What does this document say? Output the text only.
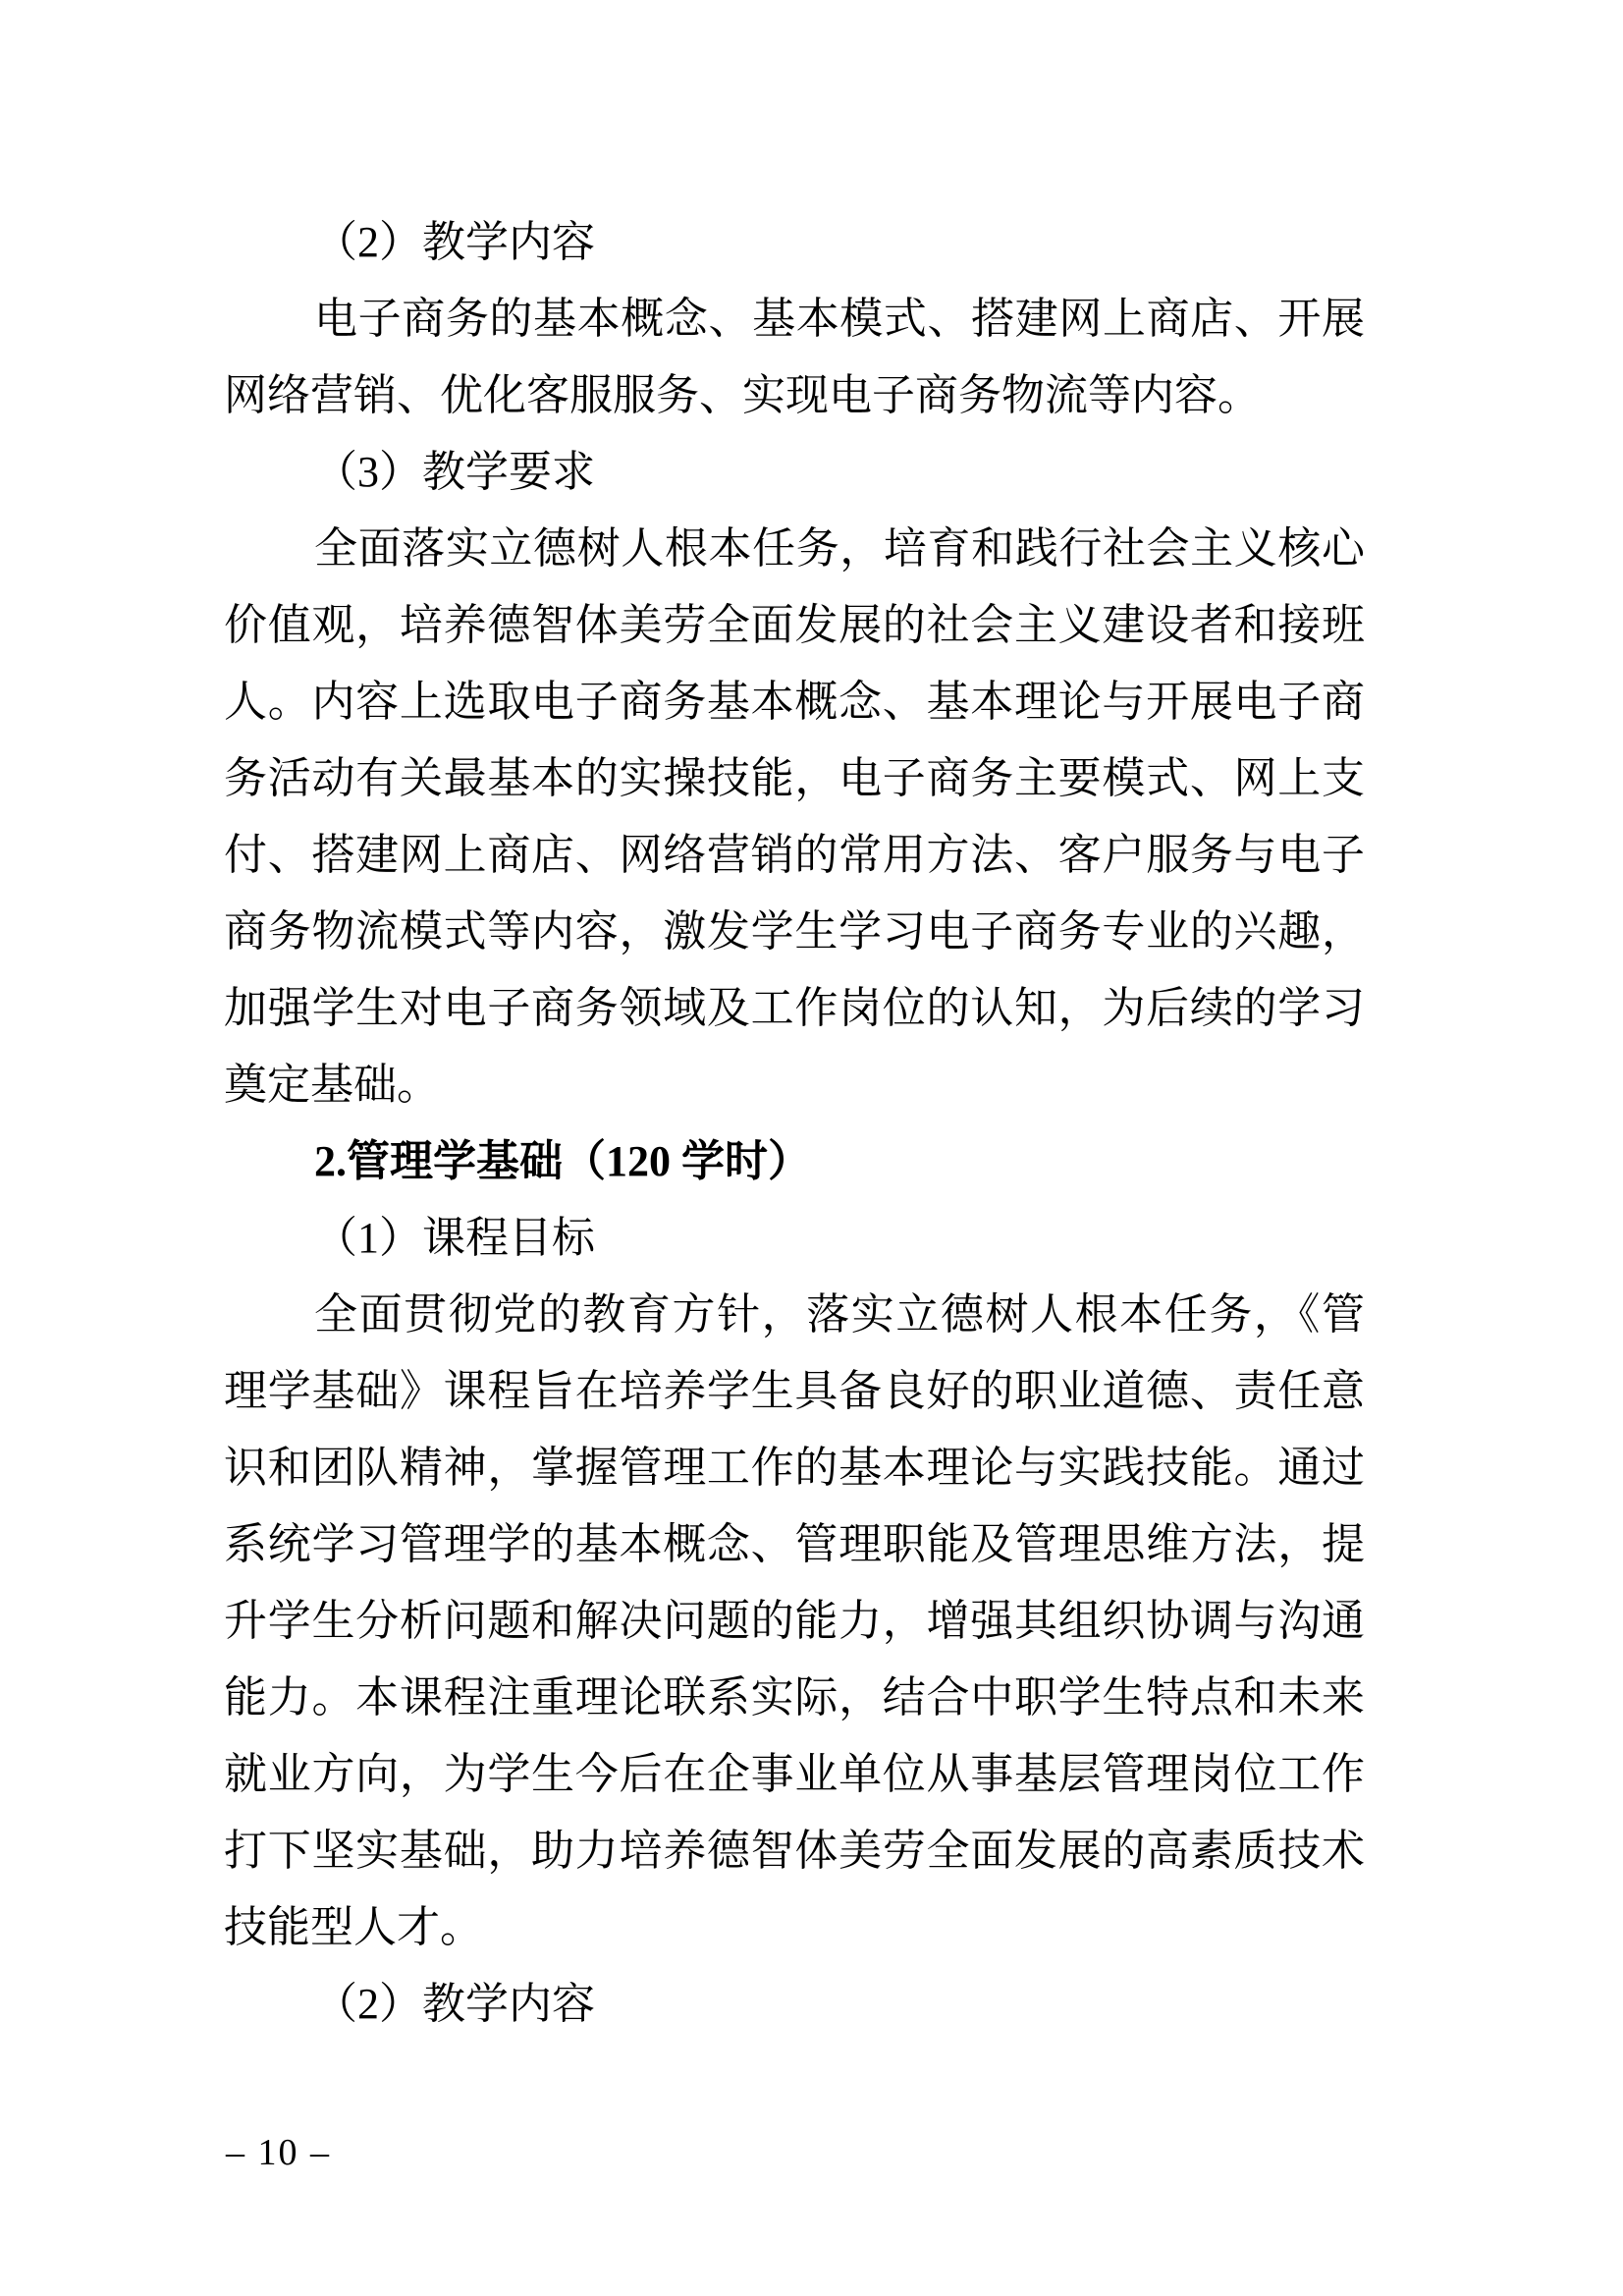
（2）教学内容
电子商务的基本概念、基本模式、搭建网上商店、开展
网络营销、优化客服服务、实现电子商务物流等内容。
（3）教学要求
全面落实立德树人根本任务，培育和践行社会主义核心
价值观，培养德智体美劳全面发展的社会主义建设者和接班
人。内容上选取电子商务基本概念、基本理论与开展电子商
务活动有关最基本的实操技能，电子商务主要模式、网上支
付、搭建网上商店、网络营销的常用方法、客户服务与电子
商务物流模式等内容，激发学生学习电子商务专业的兴趣，
加强学生对电子商务领域及工作岗位的认知，为后续的学习
奠定基础。
2.管理学基础（120 学时）
（1）课程目标
全面贯彻党的教育方针，落实立德树人根本任务，《管
理学基础》课程旨在培养学生具备良好的职业道德、责任意
识和团队精神，掌握管理工作的基本理论与实践技能。通过
系统学习管理学的基本概念、管理职能及管理思维方法，提
升学生分析问题和解决问题的能力，增强其组织协调与沟通
能力。本课程注重理论联系实际，结合中职学生特点和未来
就业方向，为学生今后在企事业单位从事基层管理岗位工作
打下坚实基础，助力培养德智体美劳全面发展的高素质技术
技能型人才。
（2）教学内容
– 10 –
